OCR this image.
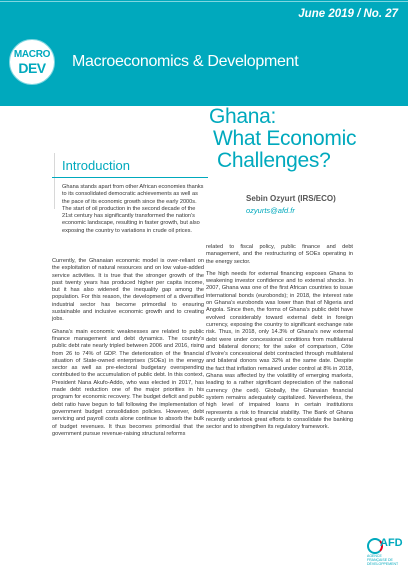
June 2019 / No. 27
MACRO
DEV	Macroeconomics & Development
Ghana:
What Economic
Challenges?
Sebin Ozyurt (IRS/ECO)
ozyurts@afd.fr
Introduction
Ghana stands apart from other African economies thanks to its consolidated democratic achievements as well as the pace of its economic growth since the early 2000s. The start of oil production in the second decade of the 21st century has significantly transformed the nation’s economic landscape, resulting in faster growth, but also exposing the country to variations in crude oil prices.

Currently, the Ghanaian economic model is over-reliant on the exploitation of natural resources and on low value-added service activities. It is true that the stronger growth of the past twenty years has produced higher per capita income, but it has also widened the inequality gap among the population. For this reason, the development of a diversified industrial sector has become primordial to ensuring sustainable and inclusive economic growth and to creating jobs.

Ghana’s main economic weaknesses are related to public finance management and debt dynamics. The country’s public debt rate nearly tripled between 2006 and 2016, rising from 26 to 74% of GDP. The deterioration of the financial situation of State-owned enterprises (SOEs) in the energy sector as well as pre-electoral budgetary overspending contributed to the accumulation of public debt. In this context, President Nana Akufo-Addo, who was elected in 2017, has made debt reduction one of the major priorities in his program for economic recovery. The budget deficit and public debt ratio have begun to fall following the implementation of government budget consolidation policies. However, debt servicing and payroll costs alone continue to absorb the bulk of budget revenues. It thus becomes primordial that the government pursue revenue-raising structural reforms

related to fiscal policy, public finance and debt management, and the restructuring of SOEs operating in the energy sector.

The high needs for external financing exposes Ghana to weakening investor confidence and to external shocks. In 2007, Ghana was one of the first African countries to issue international bonds (eurobonds); in 2018, the interest rate on Ghana’s eurobonds was lower than that of Nigeria and Angola. Since then, the forms of Ghana’s public debt have evolved considerably toward external debt in foreign currency, exposing the country to significant exchange rate risk. Thus, in 2018, only 14.3% of Ghana’s new external debt were under concessional conditions from multilateral and bilateral donors; for the sake of comparison, Côte d’Ivoire’s concessional debt contracted through multilateral and bilateral donors was 32% at the same date. Despite the fact that inflation remained under control at 8% in 2018, Ghana was affected by the volatility of emerging markets, leading to a rather significant depreciation of the national currency (the cedi). Globally, the Ghanaian financial system remains adequately capitalized. Nevertheless, the high level of impaired loans in certain institutions represents a risk to financial stability. The Bank of Ghana recently undertook great efforts to consolidate the banking sector and to strengthen its regulatory framework.

AFD
AGENCE FRANÇAISE DE DÉVELOPPEMENT
